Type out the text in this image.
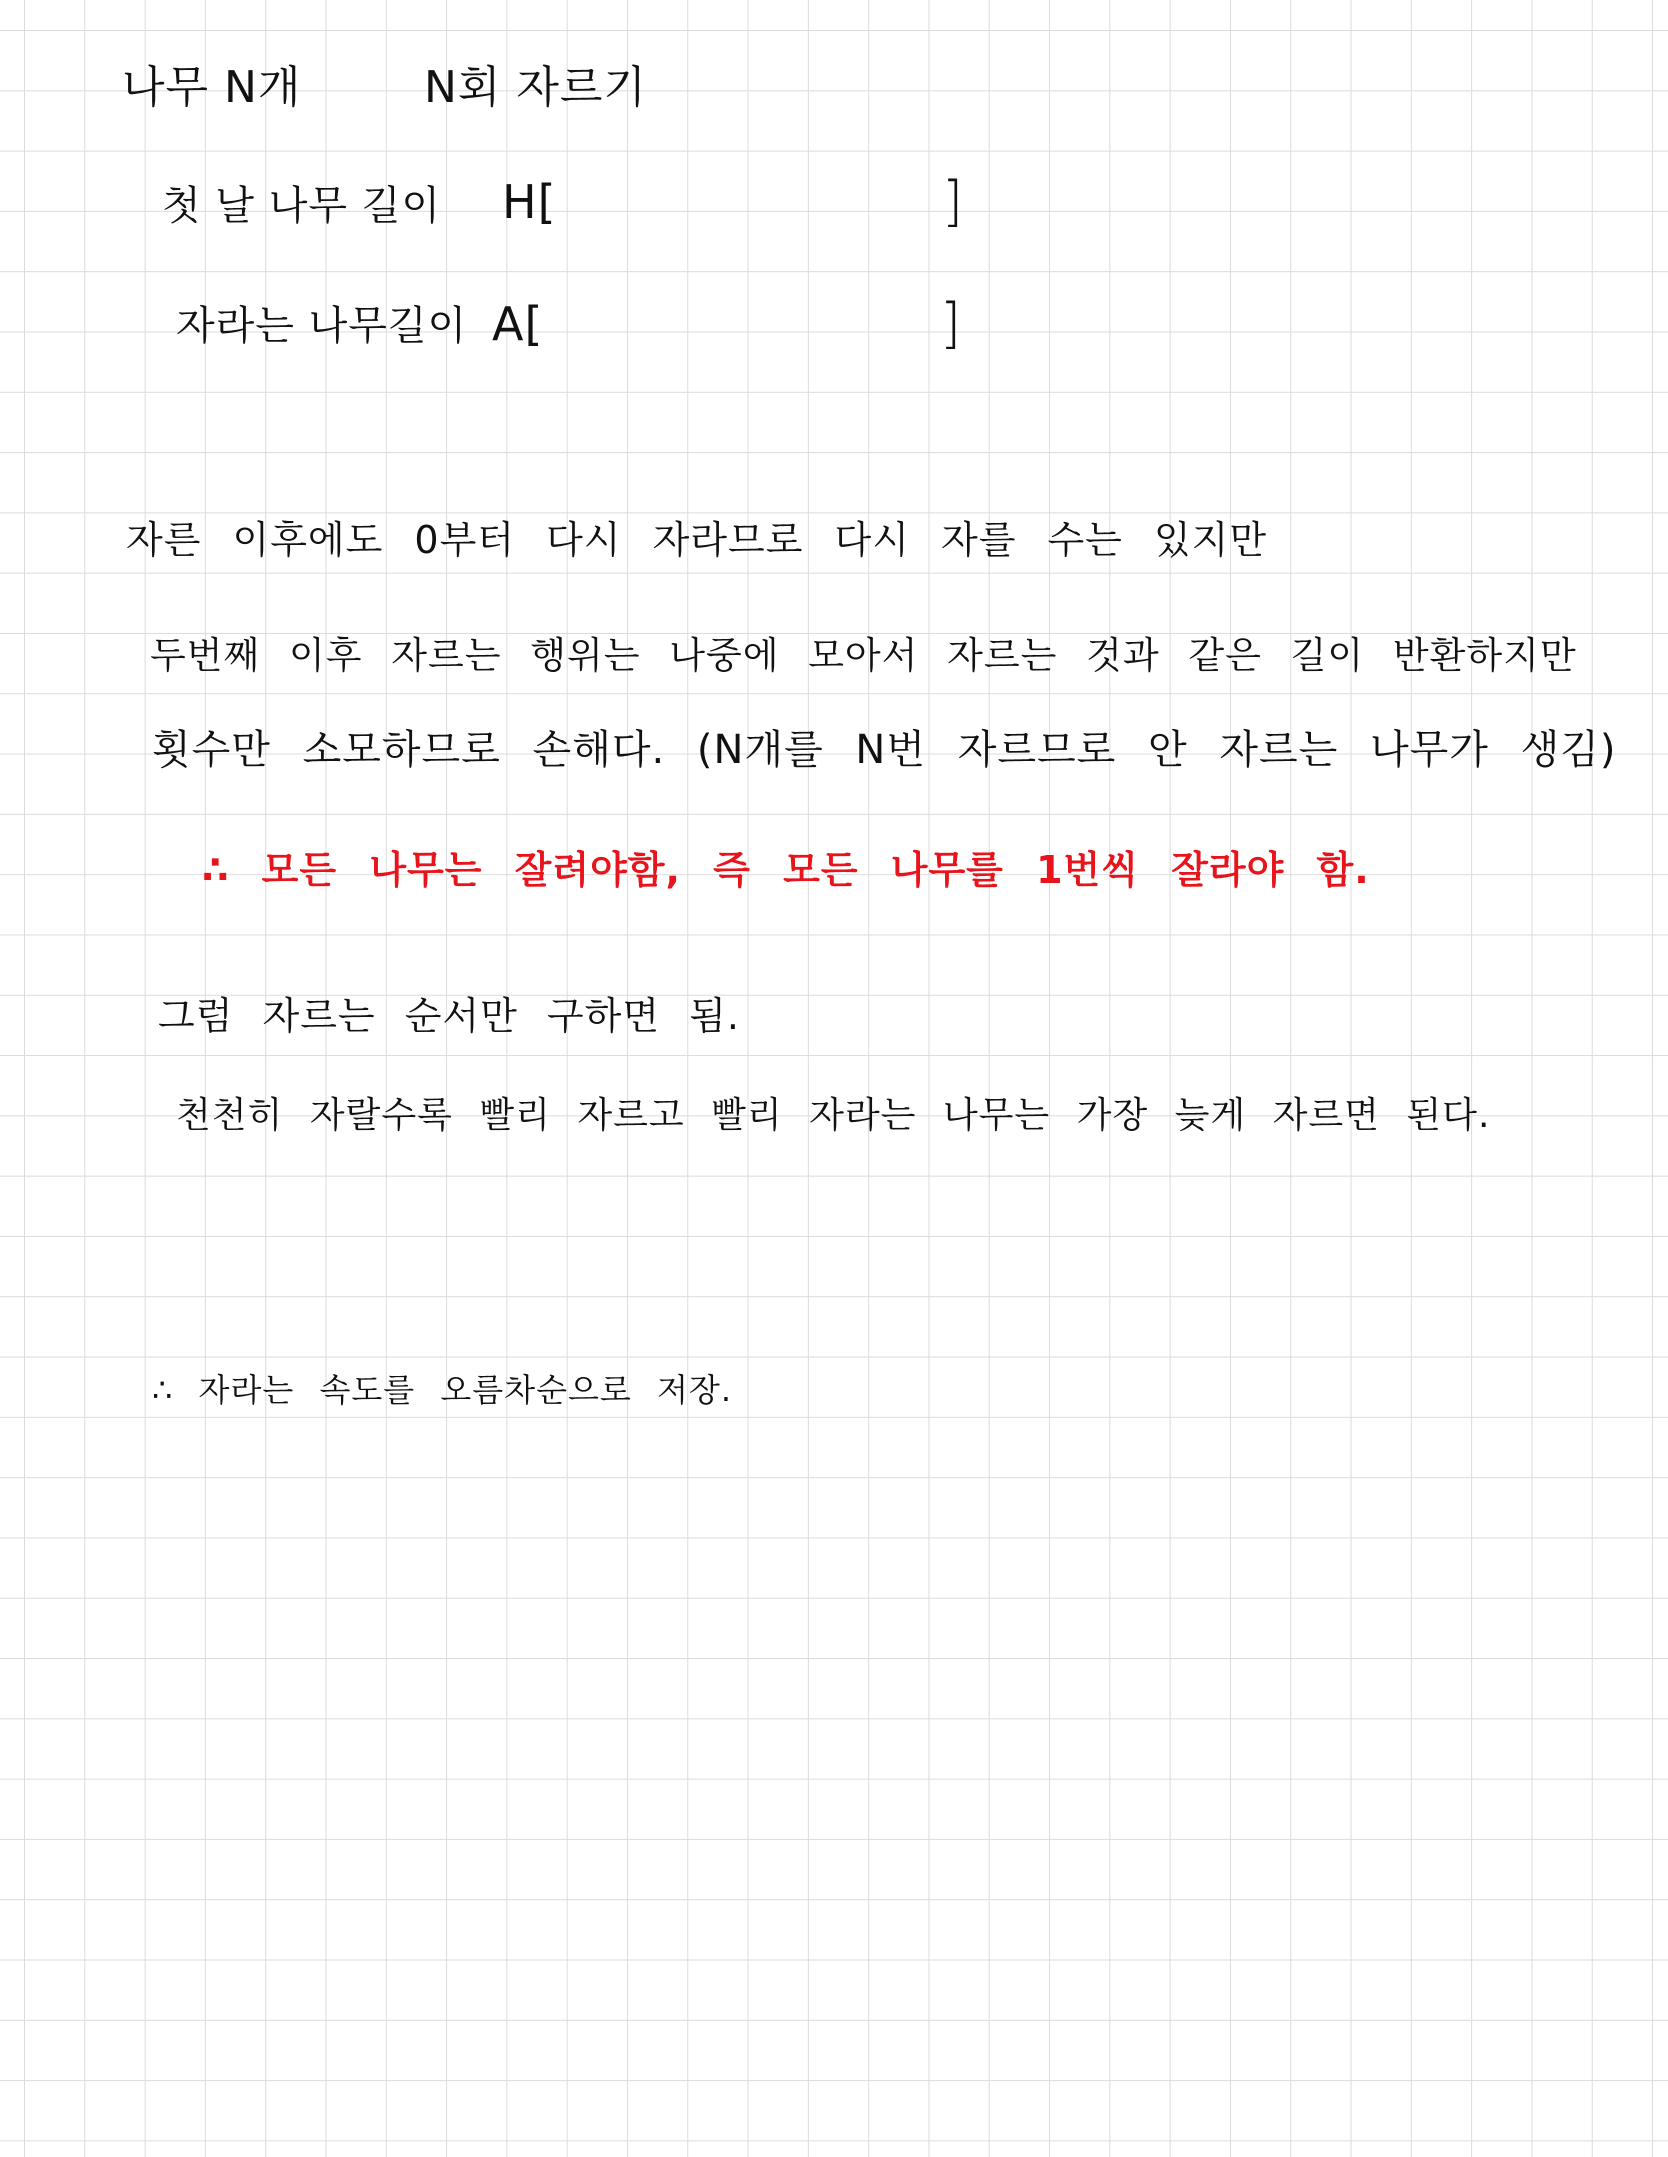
나무 N개	N회 자르기
첫 날 나무 길이 H[	]
자라는 나무길이 A[	]
자른 이후에도 0부터 다시 자라므로 다시 자를 수는 있지만
두번째 이후 자르는 행위는 나중에 모아서 자르는 것과 같은 길이 반환하지만
횟수만 소모하므로 손해다. (N개를 N번 자르므로 안 자르는 나무가 생김)
∴ 모든 나무는 잘려야함, 즉 모든 나무를 1번씩 잘라야 함.
그럼 자르는 순서만 구하면 됨.
천천히 자랄수록 빨리 자르고 빨리 자라는 나무는 가장 늦게 자르면 된다.
∴ 자라는 속도를 오름차순으로 저장.
